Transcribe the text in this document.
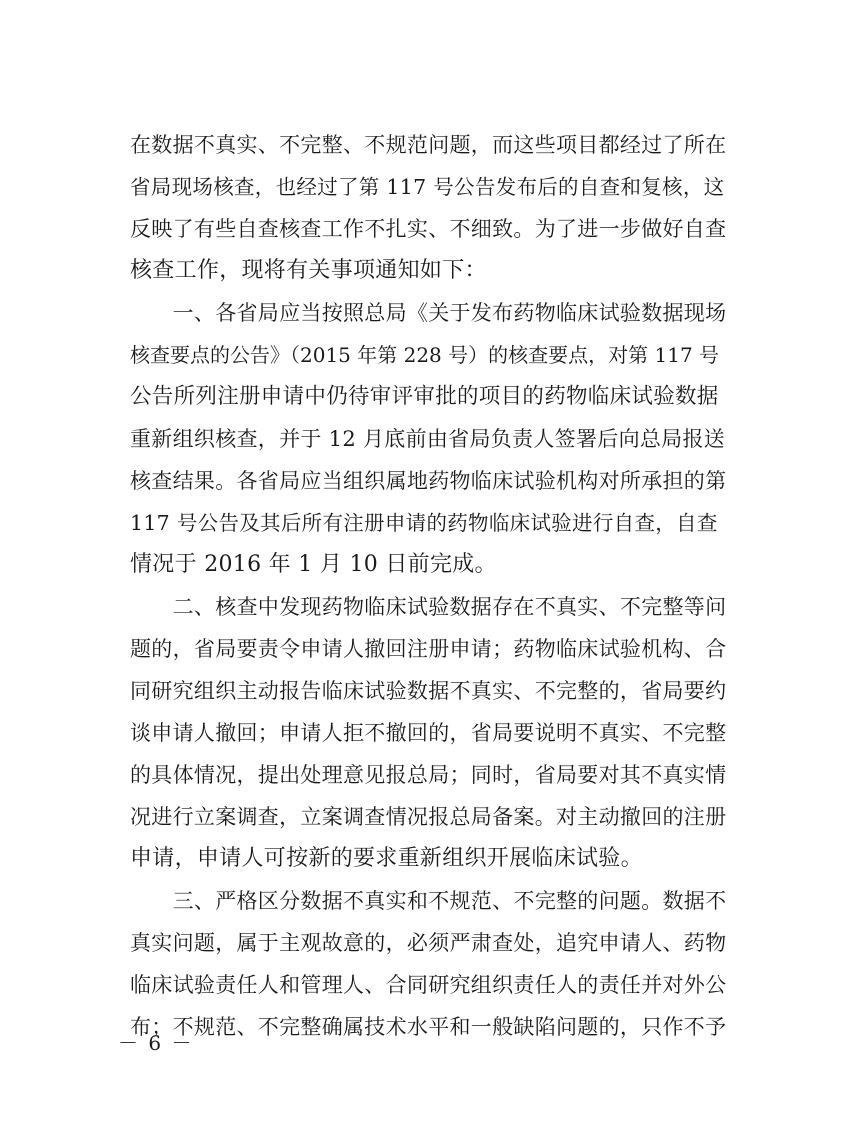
在数据不真实、不完整、不规范问题，而这些项目都经过了所在
省局现场核查，也经过了第 117 号公告发布后的自查和复核，这
反映了有些自查核查工作不扎实、不细致。为了进一步做好自查
核查工作，现将有关事项通知如下：
　　一、各省局应当按照总局《关于发布药物临床试验数据现场
核查要点的公告》（2015 年第 228 号）的核查要点，对第 117 号
公告所列注册申请中仍待审评审批的项目的药物临床试验数据
重新组织核查，并于 12 月底前由省局负责人签署后向总局报送
核查结果。各省局应当组织属地药物临床试验机构对所承担的第
117 号公告及其后所有注册申请的药物临床试验进行自查，自查
情况于 2016 年 1 月 10 日前完成。
　　二、核查中发现药物临床试验数据存在不真实、不完整等问
题的，省局要责令申请人撤回注册申请；药物临床试验机构、合
同研究组织主动报告临床试验数据不真实、不完整的，省局要约
谈申请人撤回；申请人拒不撤回的，省局要说明不真实、不完整
的具体情况，提出处理意见报总局；同时，省局要对其不真实情
况进行立案调查，立案调查情况报总局备案。对主动撤回的注册
申请，申请人可按新的要求重新组织开展临床试验。
　　三、严格区分数据不真实和不规范、不完整的问题。数据不
真实问题，属于主观故意的，必须严肃查处，追究申请人、药物
临床试验责任人和管理人、合同研究组织责任人的责任并对外公
布；不规范、不完整确属技术水平和一般缺陷问题的，只作不予
－ 6 －
